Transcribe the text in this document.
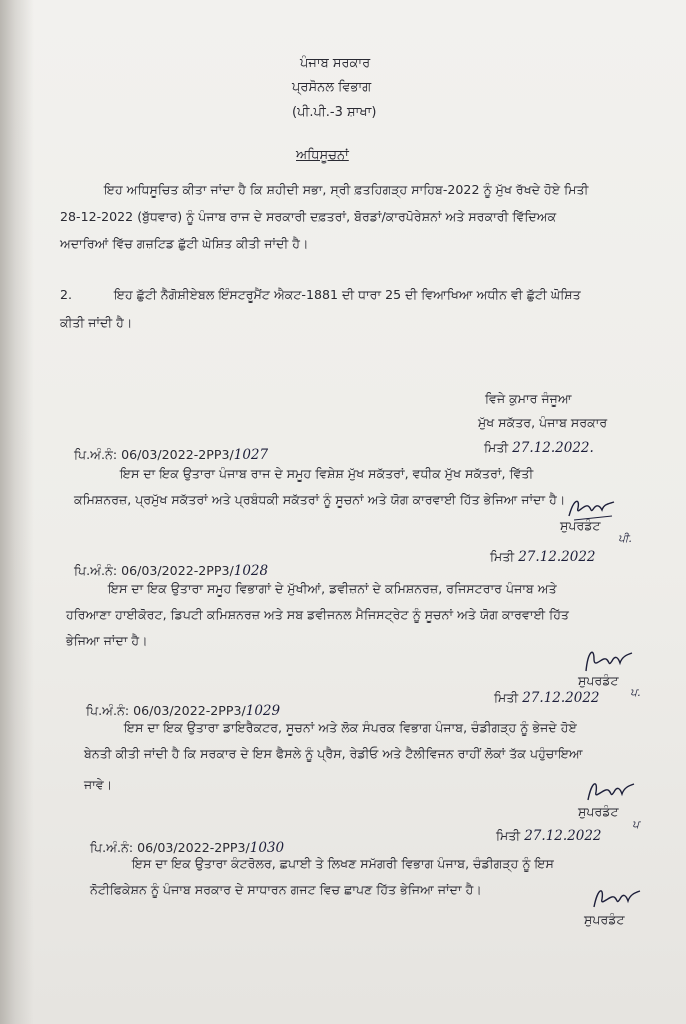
ਪੰਜਾਬ ਸਰਕਾਰ
ਪ੍ਰਸੋਨਲ ਵਿਭਾਗ
(ਪੀ.ਪੀ.-3 ਸ਼ਾਖਾ)
ਅਧਿਸੂਚਨਾਂ
ਇਹ ਅਧਿਸੂਚਿਤ ਕੀਤਾ ਜਾਂਦਾ ਹੈ ਕਿ ਸ਼ਹੀਦੀ ਸਭਾ, ਸ੍ਰੀ ਫ਼ਤਹਿਗੜ੍ਹ ਸਾਹਿਬ-2022 ਨੂੰ ਮੁੱਖ ਰੱਖਦੇ ਹੋਏ ਮਿਤੀ
28-12-2022 (ਬੁੱਧਵਾਰ) ਨੂੰ ਪੰਜਾਬ ਰਾਜ ਦੇ ਸਰਕਾਰੀ ਦਫ਼ਤਰਾਂ, ਬੋਰਡਾਂ/ਕਾਰਪੋਰੇਸ਼ਨਾਂ ਅਤੇ ਸਰਕਾਰੀ ਵਿੱਦਿਅਕ
ਅਦਾਰਿਆਂ ਵਿੱਚ ਗਜ਼ਟਿਡ ਛੁੱਟੀ ਘੋਸ਼ਿਤ ਕੀਤੀ ਜਾਂਦੀ ਹੈ।
2.	ਇਹ ਛੁੱਟੀ ਨੈਗੋਸ਼ੀਏਬਲ ਇੰਸਟਰੂਮੈਂਟ ਐਕਟ-1881 ਦੀ ਧਾਰਾ 25 ਦੀ ਵਿਆਖਿਆ ਅਧੀਨ ਵੀ ਛੁੱਟੀ ਘੋਸ਼ਿਤ
ਕੀਤੀ ਜਾਂਦੀ ਹੈ।
ਵਿਜੇ ਕੁਮਾਰ ਜੰਜੂਆ
ਮੁੱਖ ਸਕੱਤਰ, ਪੰਜਾਬ ਸਰਕਾਰ
ਪਿ.ਅੰ.ਨੰ: 06/03/2022-2PP3/1027	ਮਿਤੀ 27.12.2022.
ਇਸ ਦਾ ਇਕ ਉਤਾਰਾ ਪੰਜਾਬ ਰਾਜ ਦੇ ਸਮੂਹ ਵਿਸ਼ੇਸ਼ ਮੁੱਖ ਸਕੱਤਰਾਂ, ਵਧੀਕ ਮੁੱਖ ਸਕੱਤਰਾਂ, ਵਿੱਤੀ
ਕਮਿਸ਼ਨਰਜ਼, ਪ੍ਰਮੁੱਖ ਸਕੱਤਰਾਂ ਅਤੇ ਪ੍ਰਬੰਧਕੀ ਸਕੱਤਰਾਂ ਨੂੰ ਸੂਚਨਾਂ ਅਤੇ ਯੋਗ ਕਾਰਵਾਈ ਹਿੱਤ ਭੇਜਿਆ ਜਾਂਦਾ ਹੈ।
ਸੁਪਰਡੰਟ
ਪੀ.
ਪਿ.ਅੰ.ਨੰ: 06/03/2022-2PP3/1028
ਮਿਤੀ 27.12.2022
ਇਸ ਦਾ ਇਕ ਉਤਾਰਾ ਸਮੂਹ ਵਿਭਾਗਾਂ ਦੇ ਮੁੱਖੀਆਂ, ਡਵੀਜ਼ਨਾਂ ਦੇ ਕਮਿਸ਼ਨਰਜ਼, ਰਜਿਸਟਰਾਰ ਪੰਜਾਬ ਅਤੇ
ਹਰਿਆਣਾ ਹਾਈਕੋਰਟ, ਡਿਪਟੀ ਕਮਿਸ਼ਨਰਜ਼ ਅਤੇ ਸਬ ਡਵੀਜਨਲ ਮੈਜਿਸਟ੍ਰੇਟ ਨੂੰ ਸੂਚਨਾਂ ਅਤੇ ਯੋਗ ਕਾਰਵਾਈ ਹਿੱਤ
ਭੇਜਿਆ ਜਾਂਦਾ ਹੈ।
ਸੁਪਰਡੰਟ
ਪ.
ਪਿ.ਅੰ.ਨੰ: 06/03/2022-2PP3/1029
ਮਿਤੀ 27.12.2022
ਇਸ ਦਾ ਇਕ ਉਤਾਰਾ ਡਾਇਰੈਕਟਰ, ਸੂਚਨਾਂ ਅਤੇ ਲੋਕ ਸੰਪਰਕ ਵਿਭਾਗ ਪੰਜਾਬ, ਚੰਡੀਗੜ੍ਹ ਨੂੰ ਭੇਜਦੇ ਹੋਏ
ਬੇਨਤੀ ਕੀਤੀ ਜਾਂਦੀ ਹੈ ਕਿ ਸਰਕਾਰ ਦੇ ਇਸ ਫੈਸਲੇ ਨੂੰ ਪ੍ਰੈਸ, ਰੇਡੀਓ ਅਤੇ ਟੈਲੀਵਿਜਨ ਰਾਹੀਂ ਲੋਕਾਂ ਤੱਕ ਪਹੁੰਚਾਇਆ
ਜਾਵੇ।
ਸੁਪਰਡੰਟ
ਪ
ਪਿ.ਅੰ.ਨੰ: 06/03/2022-2PP3/1030
ਮਿਤੀ 27.12.2022
ਇਸ ਦਾ ਇਕ ਉਤਾਰਾ ਕੰਟਰੋਲਰ, ਛਪਾਈ ਤੇ ਲਿਖਣ ਸਮੱਗਰੀ ਵਿਭਾਗ ਪੰਜਾਬ, ਚੰਡੀਗੜ੍ਹ ਨੂੰ ਇਸ
ਨੋਟੀਫਿਕੇਸ਼ਨ ਨੂੰ ਪੰਜਾਬ ਸਰਕਾਰ ਦੇ ਸਾਧਾਰਨ ਗਜਟ ਵਿਚ ਛਾਪਣ ਹਿੱਤ ਭੇਜਿਆ ਜਾਂਦਾ ਹੈ।
ਸੁਪਰਡੰਟ
